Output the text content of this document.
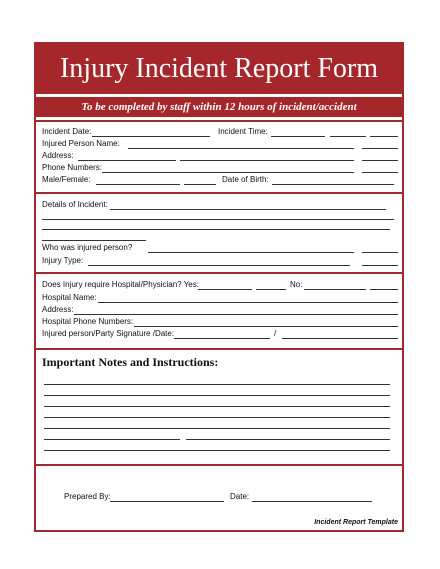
Injury Incident Report Form
To be completed by staff within 12 hours of incident/accident
Incident Date:	Incident Time:
Injured Person Name:
Address:
Phone Numbers:
Male/Female:	Date of Birth:
Details of Incident:
Who was injured person?
Injury Type:
Does Injury require Hospital/Physician? Yes:	No:
Hospital Name:
Address:
Hospital Phone Numbers:
Injured person/Party Signature /Date:	/
Important Notes and Instructions:
Prepared By:	Date:
Incident Report Template
